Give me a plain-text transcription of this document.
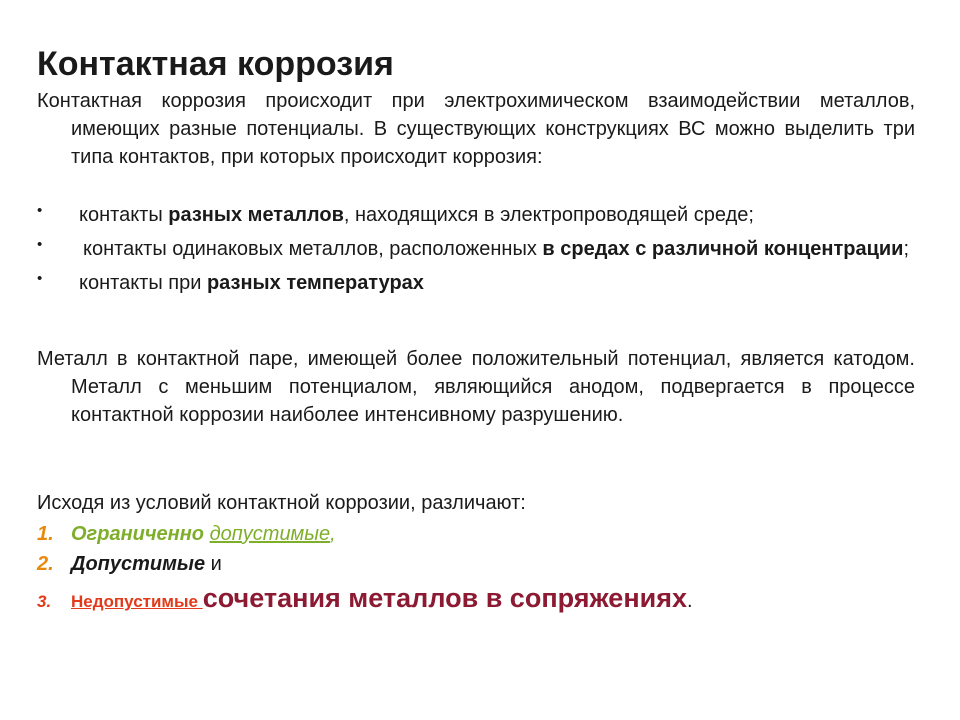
Контактная коррозия
Контактная коррозия происходит при электрохимическом взаимодействии металлов, имеющих разные потенциалы. В существующих конструкциях ВС можно выделить три типа контактов, при которых происходит коррозия:
•	контакты разных металлов, находящихся в электропроводящей среде;
•	контакты одинаковых металлов, расположенных в средах с различной концентрации;
•	контакты при разных температурах
Металл в контактной паре, имеющей более положительный потенциал, является катодом. Металл с меньшим потенциалом, являющийся анодом, подвергается в процессе контактной коррозии наиболее интенсивному разрушению.
Исходя из условий контактной коррозии, различают:
1. Ограниченно допустимые,
2. Допустимые и
3. Недопустимые сочетания металлов в сопряжениях.
